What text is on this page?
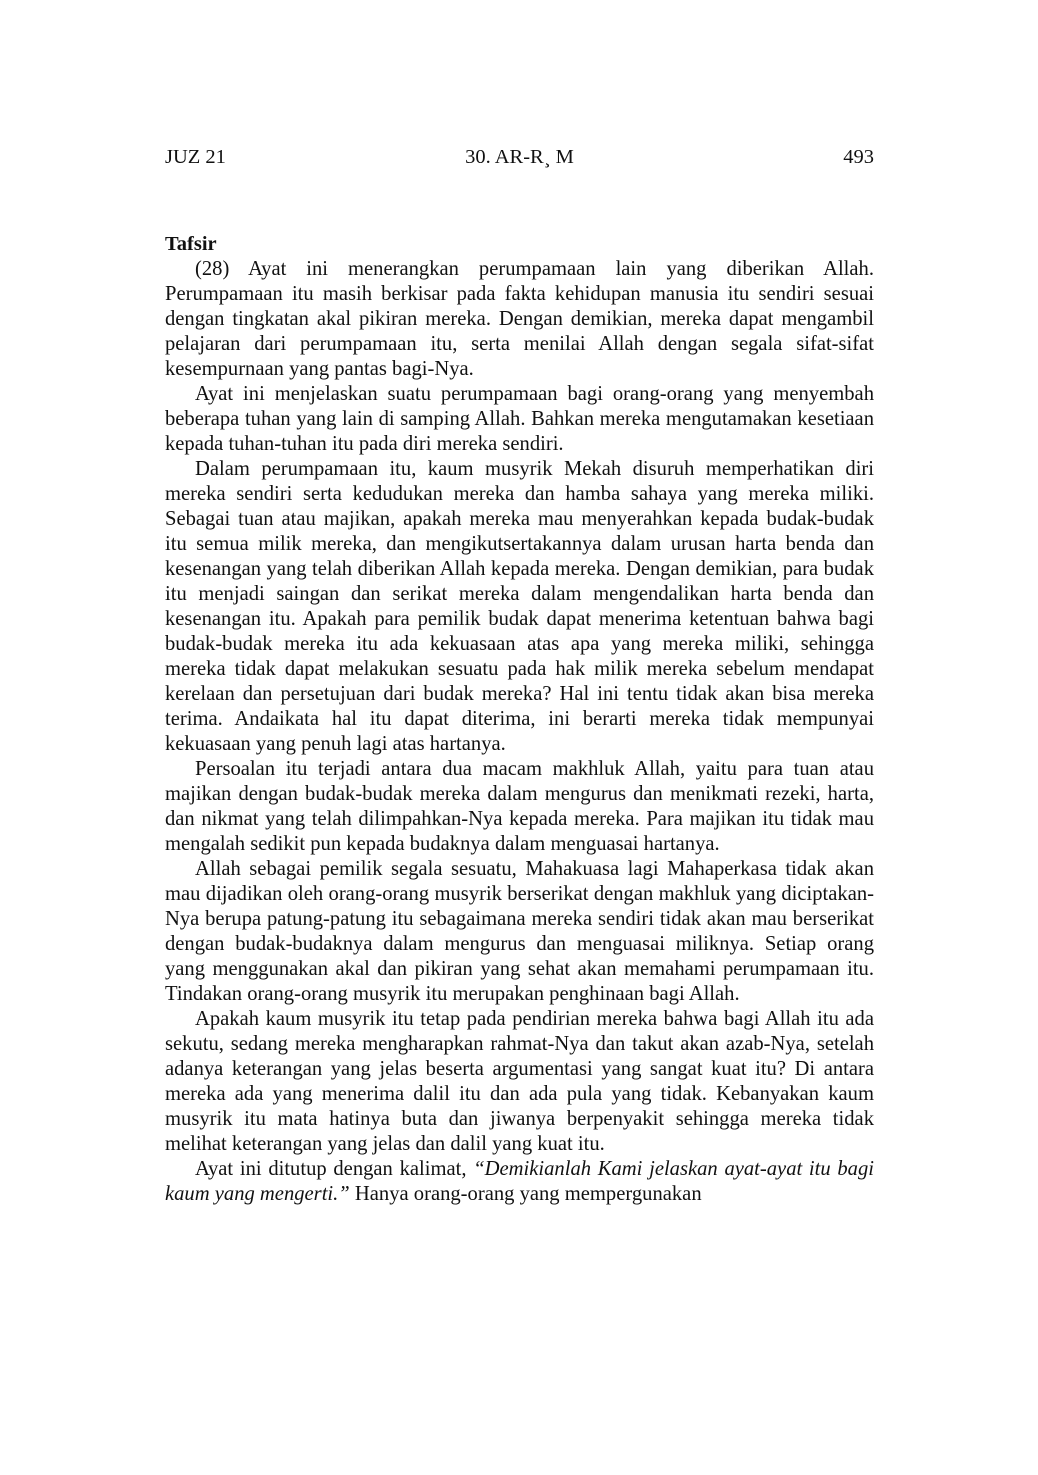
JUZ 21	30. AR-R¸ M	493
Tafsir

(28) Ayat ini menerangkan perumpamaan lain yang diberikan Allah. Perumpamaan itu masih berkisar pada fakta kehidupan manusia itu sendiri sesuai dengan tingkatan akal pikiran mereka. Dengan demikian, mereka dapat mengambil pelajaran dari perumpamaan itu, serta menilai Allah dengan segala sifat-sifat kesempurnaan yang pantas bagi-Nya.

Ayat ini menjelaskan suatu perumpamaan bagi orang-orang yang menyembah beberapa tuhan yang lain di samping Allah. Bahkan mereka mengutamakan kesetiaan kepada tuhan-tuhan itu pada diri mereka sendiri.

Dalam perumpamaan itu, kaum musyrik Mekah disuruh memperhatikan diri mereka sendiri serta kedudukan mereka dan hamba sahaya yang mereka miliki. Sebagai tuan atau majikan, apakah mereka mau menyerahkan kepada budak-budak itu semua milik mereka, dan mengikutsertakannya dalam urusan harta benda dan kesenangan yang telah diberikan Allah kepada mereka. Dengan demikian, para budak itu menjadi saingan dan serikat mereka dalam mengendalikan harta benda dan kesenangan itu. Apakah para pemilik budak dapat menerima ketentuan bahwa bagi budak-budak mereka itu ada kekuasaan atas apa yang mereka miliki, sehingga mereka tidak dapat melakukan sesuatu pada hak milik mereka sebelum mendapat kerelaan dan persetujuan dari budak mereka? Hal ini tentu tidak akan bisa mereka terima. Andaikata hal itu dapat diterima, ini berarti mereka tidak mempunyai kekuasaan yang penuh lagi atas hartanya.

Persoalan itu terjadi antara dua macam makhluk Allah, yaitu para tuan atau majikan dengan budak-budak mereka dalam mengurus dan menikmati rezeki, harta, dan nikmat yang telah dilimpahkan-Nya kepada mereka. Para majikan itu tidak mau mengalah sedikit pun kepada budaknya dalam menguasai hartanya.

Allah sebagai pemilik segala sesuatu, Mahakuasa lagi Mahaperkasa tidak akan mau dijadikan oleh orang-orang musyrik berserikat dengan makhluk yang diciptakan-Nya berupa patung-patung itu sebagaimana mereka sendiri tidak akan mau berserikat dengan budak-budaknya dalam mengurus dan menguasai miliknya. Setiap orang yang menggunakan akal dan pikiran yang sehat akan memahami perumpamaan itu. Tindakan orang-orang musyrik itu merupakan penghinaan bagi Allah.

Apakah kaum musyrik itu tetap pada pendirian mereka bahwa bagi Allah itu ada sekutu, sedang mereka mengharapkan rahmat-Nya dan takut akan azab-Nya, setelah adanya keterangan yang jelas beserta argumentasi yang sangat kuat itu? Di antara mereka ada yang menerima dalil itu dan ada pula yang tidak. Kebanyakan kaum musyrik itu mata hatinya buta dan jiwanya berpenyakit sehingga mereka tidak melihat keterangan yang jelas dan dalil yang kuat itu.

Ayat ini ditutup dengan kalimat, “Demikianlah Kami jelaskan ayat-ayat itu bagi kaum yang mengerti.” Hanya orang-orang yang mempergunakan
